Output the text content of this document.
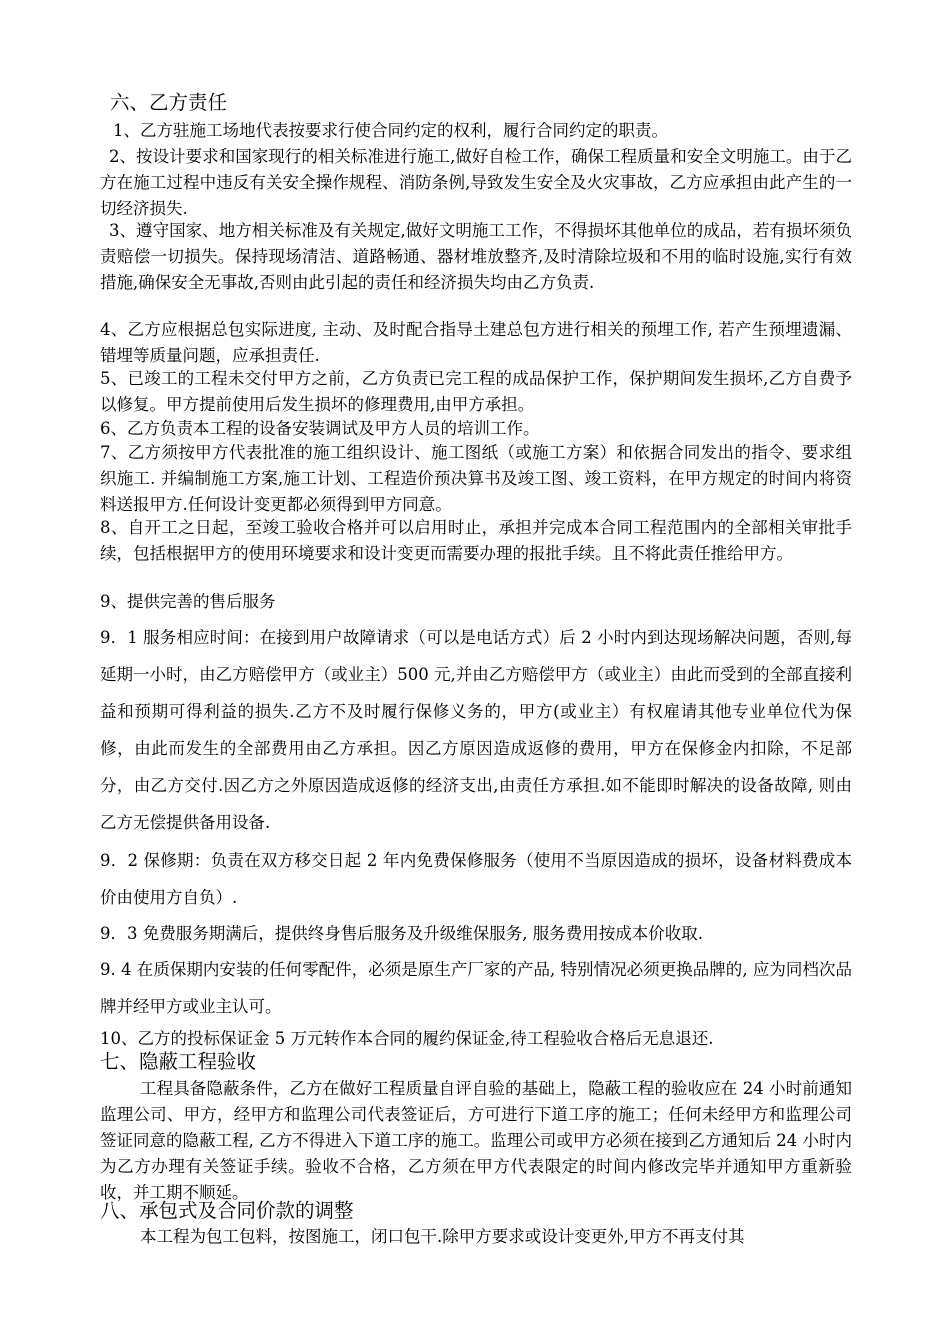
六、乙方责任
1、乙方驻施工场地代表按要求行使合同约定的权利，履行合同约定的职责。
2、按设计要求和国家现行的相关标准进行施工,做好自检工作，确保工程质量和安全文明施工。由于乙方在施工过程中违反有关安全操作规程、消防条例,导致发生安全及火灾事故，乙方应承担由此产生的一切经济损失.
3、遵守国家、地方相关标准及有关规定,做好文明施工工作，不得损坏其他单位的成品，若有损坏须负责赔偿一切损失。保持现场清洁、道路畅通、器材堆放整齐,及时清除垃圾和不用的临时设施,实行有效措施,确保安全无事故,否则由此引起的责任和经济损失均由乙方负责.
4、乙方应根据总包实际进度, 主动、及时配合指导土建总包方进行相关的预埋工作, 若产生预埋遗漏、错埋等质量问题，应承担责任.
5、已竣工的工程未交付甲方之前，乙方负责已完工程的成品保护工作，保护期间发生损坏,乙方自费予以修复。甲方提前使用后发生损坏的修理费用,由甲方承担。
6、乙方负责本工程的设备安装调试及甲方人员的培训工作。
7、乙方须按甲方代表批准的施工组织设计、施工图纸（或施工方案）和依据合同发出的指令、要求组织施工. 并编制施工方案,施工计划、工程造价预决算书及竣工图、竣工资料，在甲方规定的时间内将资料送报甲方.任何设计变更都必须得到甲方同意。
8、自开工之日起，至竣工验收合格并可以启用时止，承担并完成本合同工程范围内的全部相关审批手续，包括根据甲方的使用环境要求和设计变更而需要办理的报批手续。且不将此责任推给甲方。
9、提供完善的售后服务
9．1 服务相应时间：在接到用户故障请求（可以是电话方式）后 2 小时内到达现场解决问题，否则,每延期一小时，由乙方赔偿甲方（或业主）500 元,并由乙方赔偿甲方（或业主）由此而受到的全部直接利益和预期可得利益的损失.乙方不及时履行保修义务的，甲方(或业主）有权雇请其他专业单位代为保修，由此而发生的全部费用由乙方承担。因乙方原因造成返修的费用，甲方在保修金内扣除，不足部分，由乙方交付.因乙方之外原因造成返修的经济支出,由责任方承担.如不能即时解决的设备故障, 则由乙方无偿提供备用设备.
9．2 保修期：负责在双方移交日起 2 年内免费保修服务（使用不当原因造成的损坏，设备材料费成本价由使用方自负）.
9．3 免费服务期满后，提供终身售后服务及升级维保服务, 服务费用按成本价收取.
9. 4 在质保期内安装的任何零配件，必须是原生产厂家的产品, 特别情况必须更换品牌的, 应为同档次品牌并经甲方或业主认可。
10、乙方的投标保证金 5 万元转作本合同的履约保证金,待工程验收合格后无息退还.
七、隐蔽工程验收
工程具备隐蔽条件，乙方在做好工程质量自评自验的基础上，隐蔽工程的验收应在 24 小时前通知监理公司、甲方，经甲方和监理公司代表签证后，方可进行下道工序的施工；任何未经甲方和监理公司签证同意的隐蔽工程, 乙方不得进入下道工序的施工。监理公司或甲方必须在接到乙方通知后 24 小时内为乙方办理有关签证手续。验收不合格，乙方须在甲方代表限定的时间内修改完毕并通知甲方重新验收，并工期不顺延。
八、承包式及合同价款的调整
本工程为包工包料，按图施工，闭口包干.除甲方要求或设计变更外,甲方不再支付其
